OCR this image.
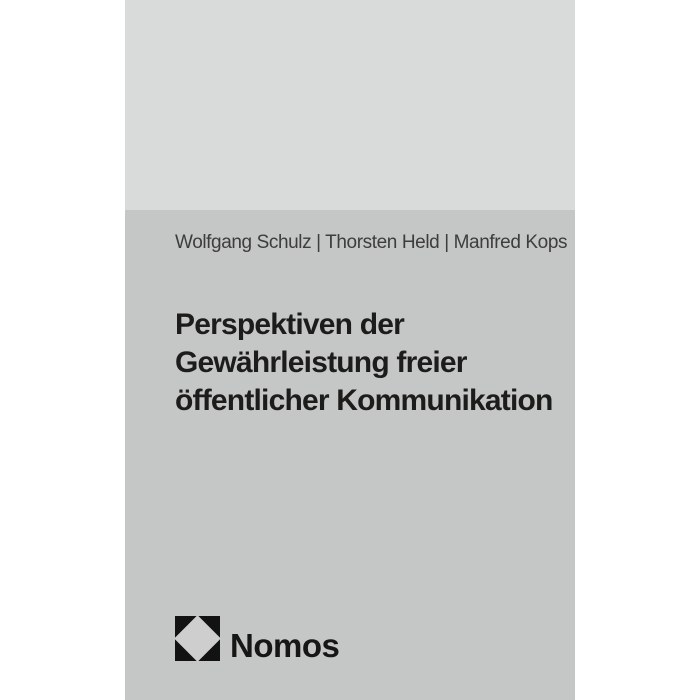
Wolfgang Schulz | Thorsten Held | Manfred Kops
Perspektiven der
Gewährleistung freier
öffentlicher Kommunikation
Nomos
